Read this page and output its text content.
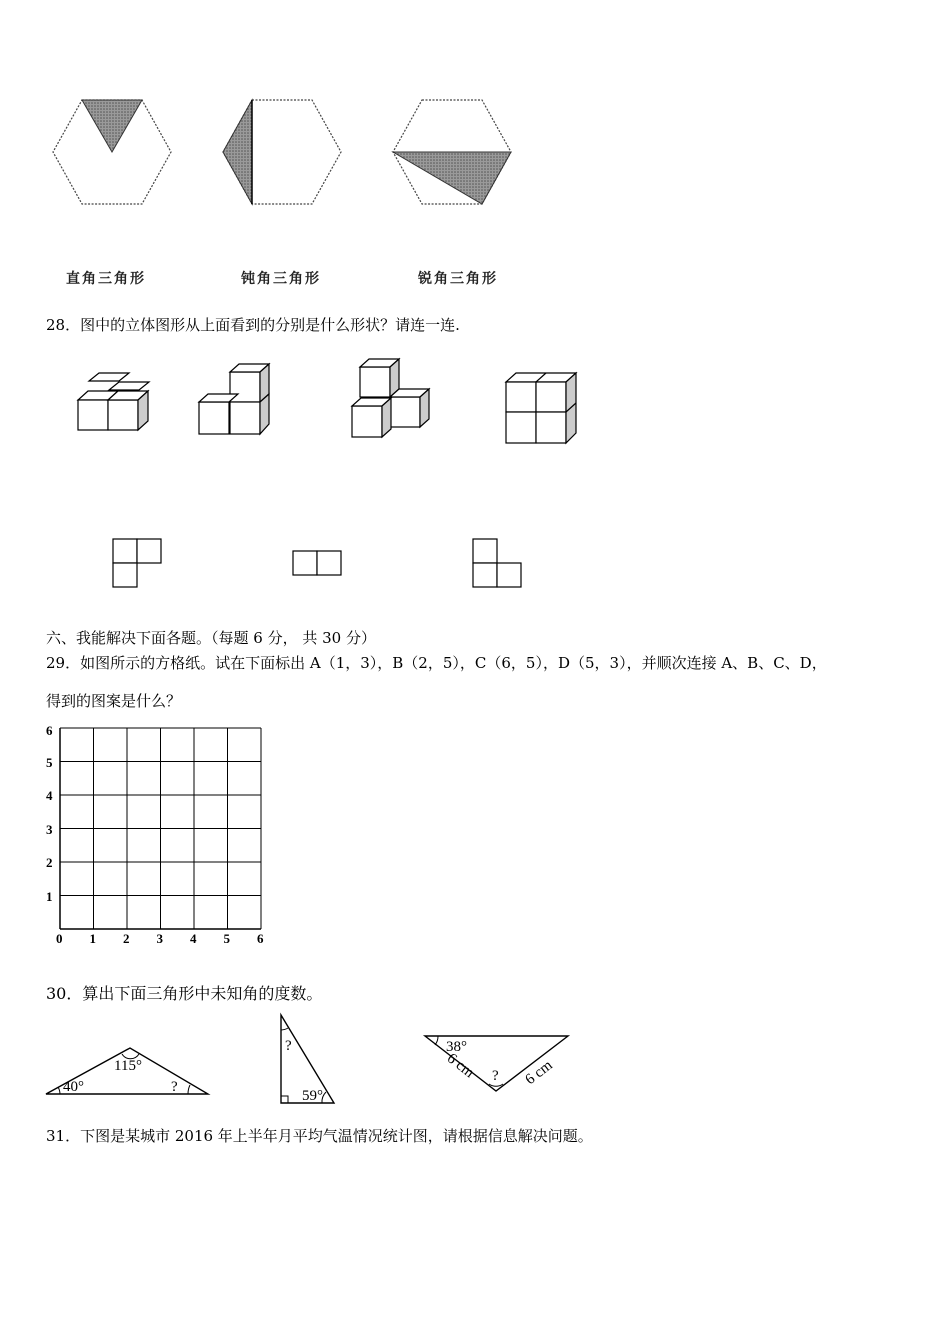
直角三角形	钝角三角形	锐角三角形
28．图中的立体图形从上面看到的分别是什么形状？请连一连.
六、我能解决下面各题。（每题 6 分， 共 30 分）
29．如图所示的方格纸。试在下面标出 A（1，3），B（2，5），C（6，5），D（5，3），并顺次连接 A、B、C、D，
得到的图案是什么？
0 1 2 3 4 5 6
1
2
3
4
5
6
30．算出下面三角形中未知角的度数。
115°
40°	?
?
59°
38°
6 cm	6 cm
?
31．下图是某城市 2016 年上半年月平均气温情况统计图，请根据信息解决问题。
